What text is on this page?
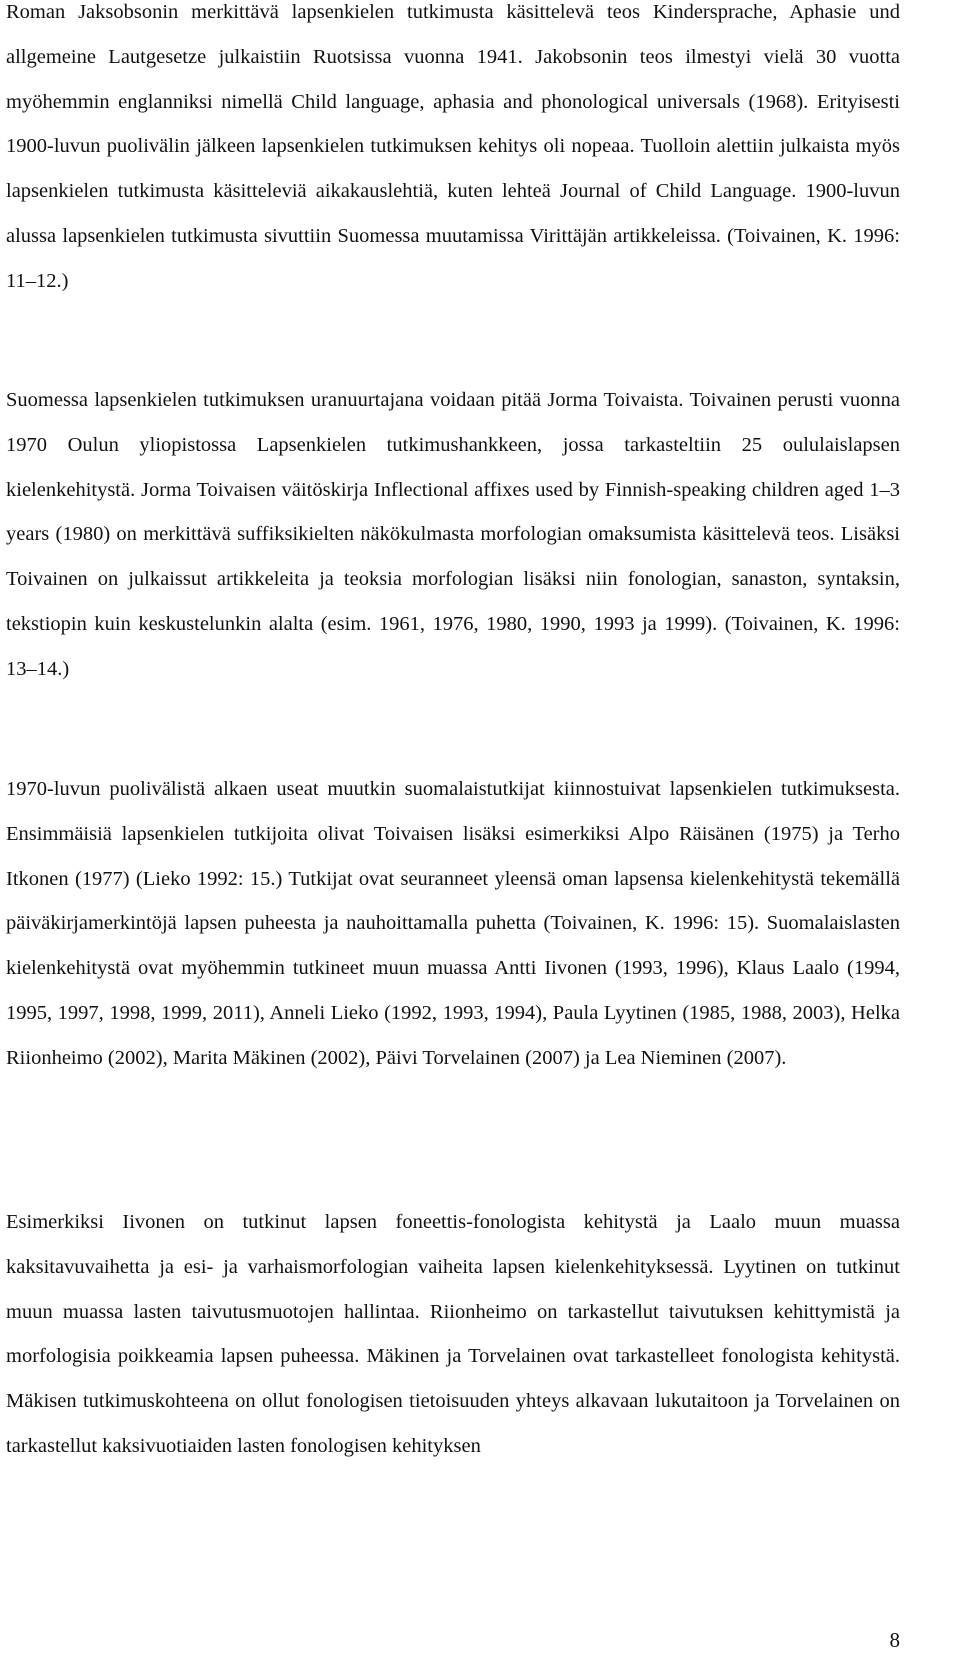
Roman Jaksobsonin merkittävä lapsenkielen tutkimusta käsittelevä teos Kindersprache, Aphasie und allgemeine Lautgesetze julkaistiin Ruotsissa vuonna 1941. Jakobsonin teos ilmestyi vielä 30 vuotta myöhemmin englanniksi nimellä Child language, aphasia and phonological universals (1968). Erityisesti 1900-luvun puolivälin jälkeen lapsenkielen tutkimuksen kehitys oli nopeaa. Tuolloin alettiin julkaista myös lapsenkielen tutkimusta käsitteleviä aikakauslehtiä, kuten lehteä Journal of Child Language. 1900-luvun alussa lapsenkielen tutkimusta sivuttiin Suomessa muutamissa Virittäjän artikkeleissa. (Toivainen, K. 1996: 11–12.)

Suomessa lapsenkielen tutkimuksen uranuurtajana voidaan pitää Jorma Toivaista. Toivainen perusti vuonna 1970 Oulun yliopistossa Lapsenkielen tutkimushankkeen, jossa tarkasteltiin 25 oululaislapsen kielenkehitystä. Jorma Toivaisen väitöskirja Inflectional affixes used by Finnish-speaking children aged 1–3 years (1980) on merkittävä suffiksikielten näkökulmasta morfologian omaksumista käsittelevä teos. Lisäksi Toivainen on julkaissut artikkeleita ja teoksia morfologian lisäksi niin fonologian, sanaston, syntaksin, tekstiopin kuin keskustelunkin alalta (esim. 1961, 1976, 1980, 1990, 1993 ja 1999). (Toivainen, K. 1996: 13–14.)

1970-luvun puolivälistä alkaen useat muutkin suomalaistutkijat kiinnostuivat lapsenkielen tutkimuksesta. Ensimmäisiä lapsenkielen tutkijoita olivat Toivaisen lisäksi esimerkiksi Alpo Räisänen (1975) ja Terho Itkonen (1977) (Lieko 1992: 15.) Tutkijat ovat seuranneet yleensä oman lapsensa kielenkehitystä tekemällä päiväkirjamerkintöjä lapsen puheesta ja nauhoittamalla puhetta (Toivainen, K. 1996: 15). Suomalaislasten kielenkehitystä ovat myöhemmin tutkineet muun muassa Antti Iivonen (1993, 1996), Klaus Laalo (1994, 1995, 1997, 1998, 1999, 2011), Anneli Lieko (1992, 1993, 1994), Paula Lyytinen (1985, 1988, 2003), Helka Riionheimo (2002), Marita Mäkinen (2002), Päivi Torvelainen (2007) ja Lea Nieminen (2007).

Esimerkiksi Iivonen on tutkinut lapsen foneettis-fonologista kehitystä ja Laalo muun muassa kaksitavuvaihetta ja esi- ja varhaismorfologian vaiheita lapsen kielenkehityksessä. Lyytinen on tutkinut muun muassa lasten taivutusmuotojen hallintaa. Riionheimo on tarkastellut taivutuksen kehittymistä ja morfologisia poikkeamia lapsen puheessa. Mäkinen ja Torvelainen ovat tarkastelleet fonologista kehitystä. Mäkisen tutkimuskohteena on ollut fonologisen tietoisuuden yhteys alkavaan lukutaitoon ja Torvelainen on tarkastellut kaksivuotiaiden lasten fonologisen kehityksen

8
